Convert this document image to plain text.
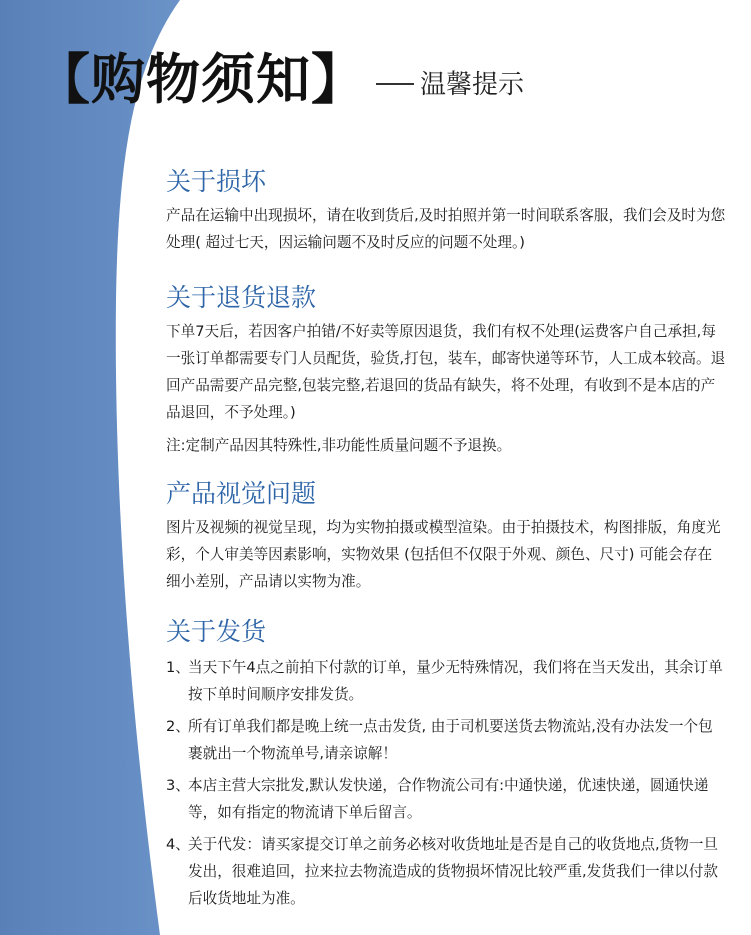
【购物须知】 温馨提示
关于损坏
产品在运输中出现损坏，请在收到货后,及时拍照并第一时间联系客服，我们会及时为您处理( 超过七天，因运输问题不及时反应的问题不处理。)
关于退货退款
下单7天后，若因客户拍错/不好卖等原因退货，我们有权不处理(运费客户自己承担,每一张订单都需要专门人员配货，验货,打包，装车，邮寄快递等环节，人工成本较高。退回产品需要产品完整,包装完整,若退回的货品有缺失，将不处理，有收到不是本店的产品退回，不予处理。)
注:定制产品因其特殊性,非功能性质量问题不予退换。
产品视觉问题
图片及视频的视觉呈现，均为实物拍摄或模型渲染。由于拍摄技术，构图排版，角度光彩，个人审美等因素影响，实物效果 (包括但不仅限于外观、颜色、尺寸) 可能会存在细小差别，产品请以实物为准。
关于发货
1、
当天下午4点之前拍下付款的订单，量少无特殊情况，我们将在当天发出，其余订单按下单时间顺序安排发货。
2、
所有订单我们都是晚上统一点击发货, 由于司机要送货去物流站,没有办法发一个包裹就出一个物流单号,请亲谅解！
3、
本店主营大宗批发,默认发快递，合作物流公司有:中通快递，优速快递，圆通快递等，如有指定的物流请下单后留言。
4、
关于代发：请买家提交订单之前务必核对收货地址是否是自己的收货地点,货物一旦发出，很难追回，拉来拉去物流造成的货物损坏情况比较严重,发货我们一律以付款后收货地址为准。
